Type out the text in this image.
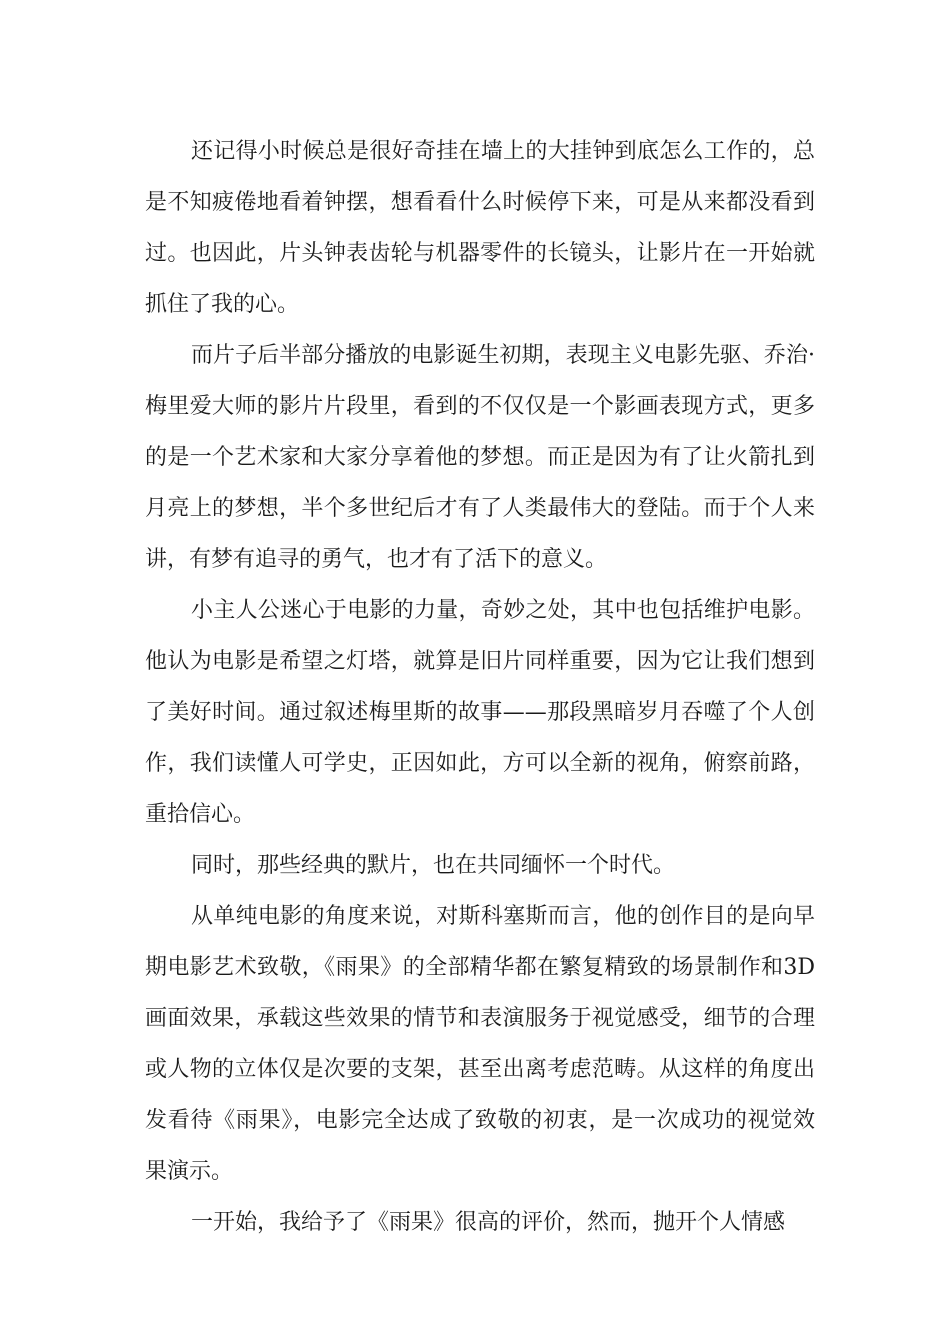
还记得小时候总是很好奇挂在墙上的大挂钟到底怎么工作的，总是不知疲倦地看着钟摆，想看看什么时候停下来，可是从来都没看到过。也因此，片头钟表齿轮与机器零件的长镜头，让影片在一开始就抓住了我的心。

而片子后半部分播放的电影诞生初期，表现主义电影先驱、乔治·梅里爱大师的影片片段里，看到的不仅仅是一个影画表现方式，更多的是一个艺术家和大家分享着他的梦想。而正是因为有了让火箭扎到月亮上的梦想，半个多世纪后才有了人类最伟大的登陆。而于个人来讲，有梦有追寻的勇气，也才有了活下的意义。

小主人公迷心于电影的力量，奇妙之处，其中也包括维护电影。他认为电影是希望之灯塔，就算是旧片同样重要，因为它让我们想到了美好时间。通过叙述梅里斯的故事——那段黑暗岁月吞噬了个人创作，我们读懂人可学史，正因如此，方可以全新的视角，俯察前路，重拾信心。

同时，那些经典的默片，也在共同缅怀一个时代。

从单纯电影的角度来说，对斯科塞斯而言，他的创作目的是向早期电影艺术致敬，《雨果》的全部精华都在繁复精致的场景制作和3D画面效果，承载这些效果的情节和表演服务于视觉感受，细节的合理或人物的立体仅是次要的支架，甚至出离考虑范畴。从这样的角度出发看待《雨果》，电影完全达成了致敬的初衷，是一次成功的视觉效果演示。

一开始，我给予了《雨果》很高的评价，然而，抛开个人情感
